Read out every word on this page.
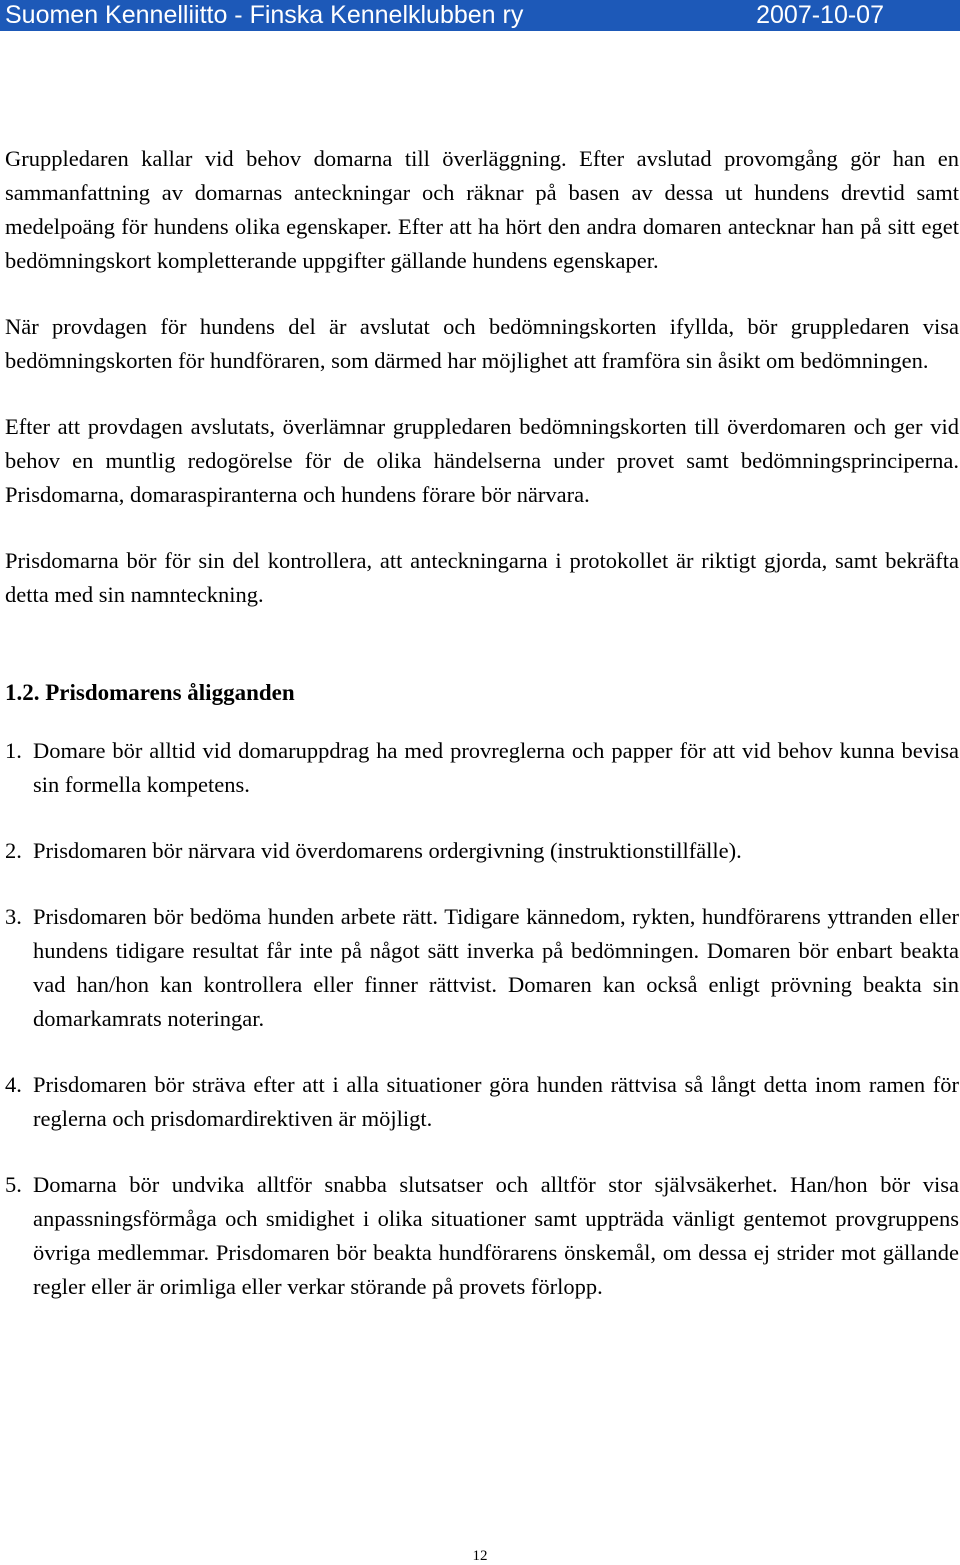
Suomen Kennelliitto - Finska Kennelklubben ry	2007-10-07

Gruppledaren kallar vid behov domarna till överläggning. Efter avslutad provomgång gör han en sammanfattning av domarnas anteckningar och räknar på basen av dessa ut hundens drevtid samt medelpoäng för hundens olika egenskaper. Efter att ha hört den andra domaren antecknar han på sitt eget bedömningskort kompletterande uppgifter gällande hundens egenskaper.

När provdagen för hundens del är avslutat och bedömningskorten ifyllda, bör gruppledaren visa bedömningskorten för hundföraren, som därmed har möjlighet att framföra sin åsikt om bedömningen.

Efter att provdagen avslutats, överlämnar gruppledaren bedömningskorten till överdomaren och ger vid behov en muntlig redogörelse för de olika händelserna under provet samt bedömningsprinciperna. Prisdomarna, domaraspiranterna och hundens förare bör närvara.

Prisdomarna bör för sin del kontrollera, att anteckningarna i protokollet är riktigt gjorda, samt bekräfta detta med sin namnteckning.

1.2. Prisdomarens åligganden
1. Domare bör alltid vid domaruppdrag ha med provreglerna och papper för att vid behov kunna bevisa sin formella kompetens.
2. Prisdomaren bör närvara vid överdomarens ordergivning (instruktionstillfälle).
3. Prisdomaren bör bedöma hunden arbete rätt. Tidigare kännedom, rykten, hundförarens yttranden eller hundens tidigare resultat får inte på något sätt inverka på bedömningen. Domaren bör enbart beakta vad han/hon kan kontrollera eller finner rättvist. Domaren kan också enligt prövning beakta sin domarkamrats noteringar.
4. Prisdomaren bör sträva efter att i alla situationer göra hunden rättvisa så långt detta inom ramen för reglerna och prisdomardirektiven är möjligt.
5. Domarna bör undvika alltför snabba slutsatser och alltför stor självsäkerhet. Han/hon bör visa anpassningsförmåga och smidighet i olika situationer samt uppträda vänligt gentemot provgruppens övriga medlemmar. Prisdomaren bör beakta hundförarens önskemål, om dessa ej strider mot gällande regler eller är orimliga eller verkar störande på provets förlopp.
12
